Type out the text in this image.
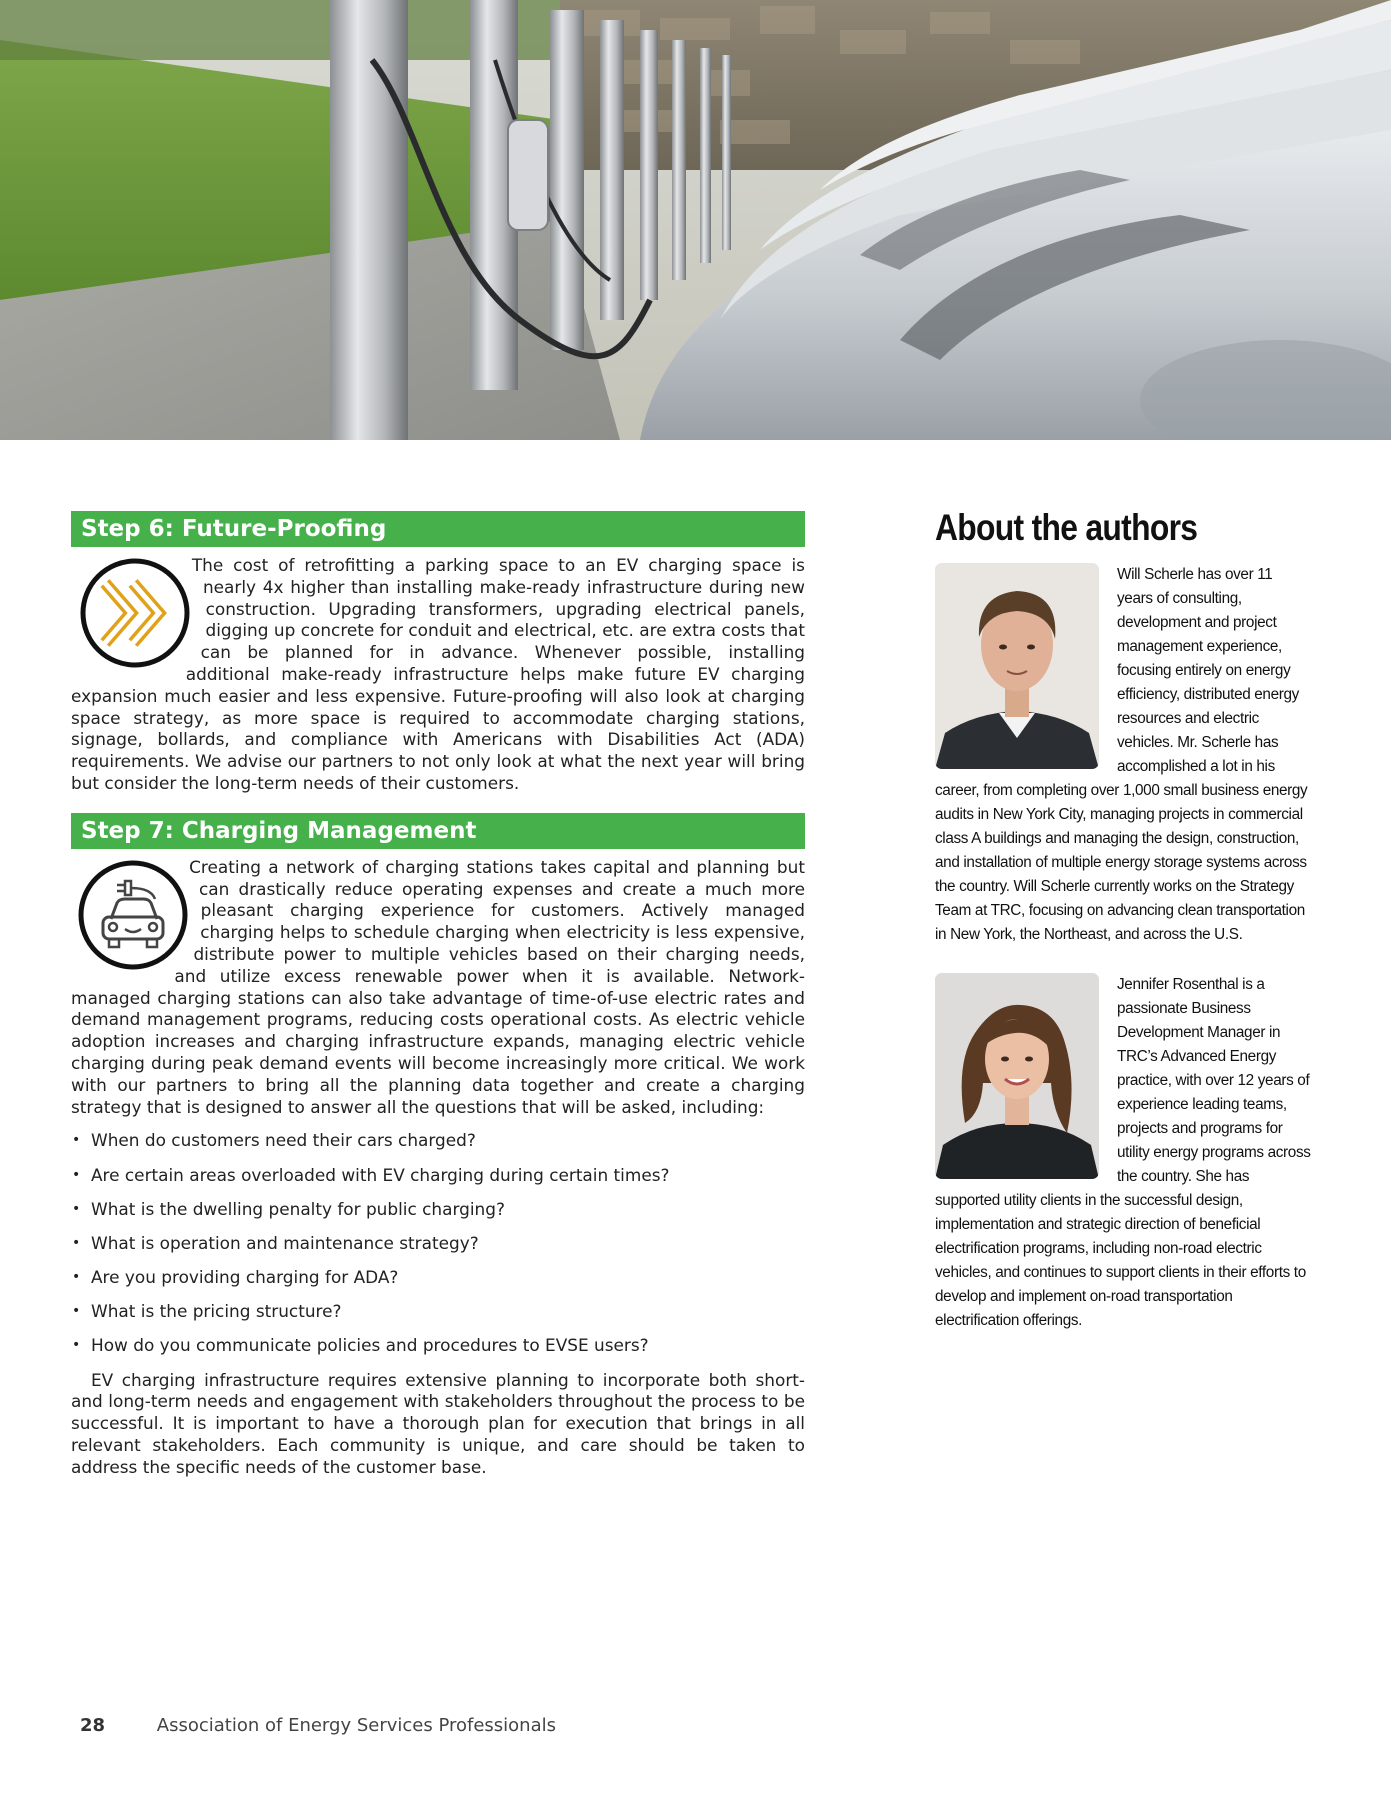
Step 6: Future-Proofing

The cost of retrofitting a parking space to an EV charging space is nearly 4x higher than installing make-ready infrastructure during new construction. Upgrading transformers, upgrading electrical panels, digging up concrete for conduit and electrical, etc. are extra costs that can be planned for in advance. Whenever possible, installing additional make-ready infrastructure helps make future EV charging expansion much easier and less expensive. Future-proofing will also look at charging space strategy, as more space is required to accommodate charging stations, signage, bollards, and compliance with Americans with Disabilities Act (ADA) requirements. We advise our partners to not only look at what the next year will bring but consider the long-term needs of their customers.

Step 7: Charging Management

Creating a network of charging stations takes capital and planning but can drastically reduce operating expenses and create a much more pleasant charging experience for customers. Actively managed charging helps to schedule charging when electricity is less expensive, distribute power to multiple vehicles based on their charging needs, and utilize excess renewable power when it is available. Network-managed charging stations can also take advantage of time-of-use electric rates and demand management programs, reducing costs operational costs. As electric vehicle adoption increases and charging infrastructure expands, managing electric vehicle charging during peak demand events will become increasingly more critical. We work with our partners to bring all the planning data together and create a charging strategy that is designed to answer all the questions that will be asked, including:

• When do customers need their cars charged?
• Are certain areas overloaded with EV charging during certain times?
• What is the dwelling penalty for public charging?
• What is operation and maintenance strategy?
• Are you providing charging for ADA?
• What is the pricing structure?
• How do you communicate policies and procedures to EVSE users?

EV charging infrastructure requires extensive planning to incorporate both short- and long-term needs and engagement with stakeholders throughout the process to be successful. It is important to have a thorough plan for execution that brings in all relevant stakeholders. Each community is unique, and care should be taken to address the specific needs of the customer base.

About the authors

Will Scherle has over 11 years of consulting, development and project management experience, focusing entirely on energy efficiency, distributed energy resources and electric vehicles. Mr. Scherle has accomplished a lot in his career, from completing over 1,000 small business energy audits in New York City, managing projects in commercial class A buildings and managing the design, construction, and installation of multiple energy storage systems across the country. Will Scherle currently works on the Strategy Team at TRC, focusing on advancing clean transportation in New York, the Northeast, and across the U.S.

Jennifer Rosenthal is a passionate Business Development Manager in TRC’s Advanced Energy practice, with over 12 years of experience leading teams, projects and programs for utility energy programs across the country. She has supported utility clients in the successful design, implementation and strategic direction of beneficial electrification programs, including non-road electric vehicles, and continues to support clients in their efforts to develop and implement on-road transportation electrification offerings.

28	Association of Energy Services Professionals
